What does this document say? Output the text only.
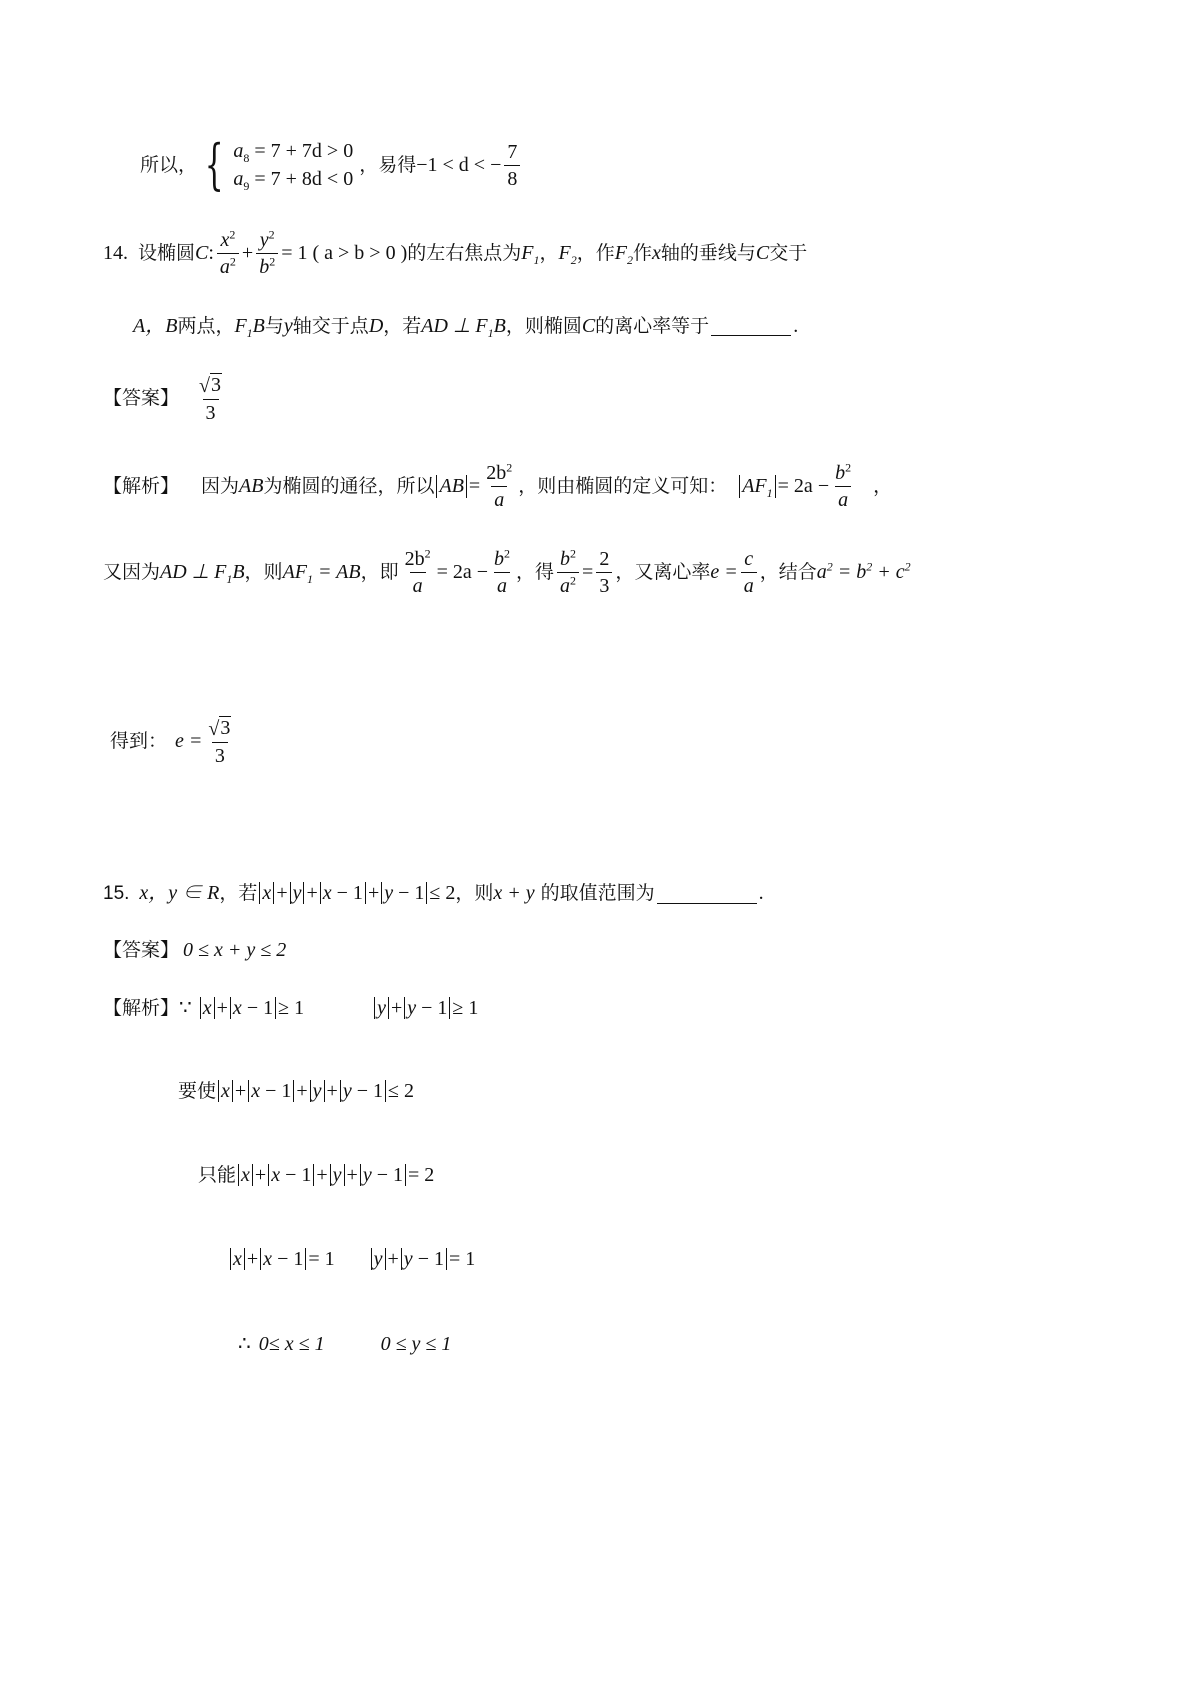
所以， { $a_8 = 7 + 7d > 0$
$a_9 = 7 + 8d < 0$
，易得 −1 < d < − $\frac{7}{8}$
14. 设椭圆 C : $\frac{x^2}{a^2} + \frac{y^2}{b^2} = 1$ ( a > b > 0 ) 的左右焦点为 $F_1$ ， $F_2$ ，作 $F_2$ 作 x 轴的垂线与 C 交于
A，B 两点， $F_1B$ 与 y 轴交于点 D ，若 AD ⊥ $F_1B$ ，则椭圆 C 的离心率等于	.
【答案】 $\frac{√ 3}{3}$
【解析】 因为 AB 为椭圆的通径，所以 AB = $\frac{2b^2}{a}$ ，则由椭圆的定义可知： $AF_1 = 2a - \frac{b^2}{a}$ ，
又因为 AD ⊥ $F_1B$ ，则 $AF_1$ = AB ，即 $\frac{2b^2}{a} = 2a - \frac{b^2}{a}$ ，得 $\frac{b^2}{a^2} = \frac{2}{3}$ ，又离心率 $e = \frac{c}{a}$ ，结合 $a^2 = b^2 + c^2$
得到： $e = \frac{√ 3}{3}$
15. x，y ∈ R ，若 x + y + x − 1 + y − 1 ≤ 2 ，则 x + y 的取值范围为	.
【答案】 0 ≤ x + y ≤ 2
【解析】 ∵ x + x − 1 ≥ 1	y + y − 1 ≥ 1
要使 x + x − 1 + y + y − 1 ≤ 2
只能 x + x − 1 + y + y − 1 = 2
x + x − 1 = 1 y + y − 1 = 1
∴ 0≤ x ≤ 1	0 ≤ y ≤ 1
